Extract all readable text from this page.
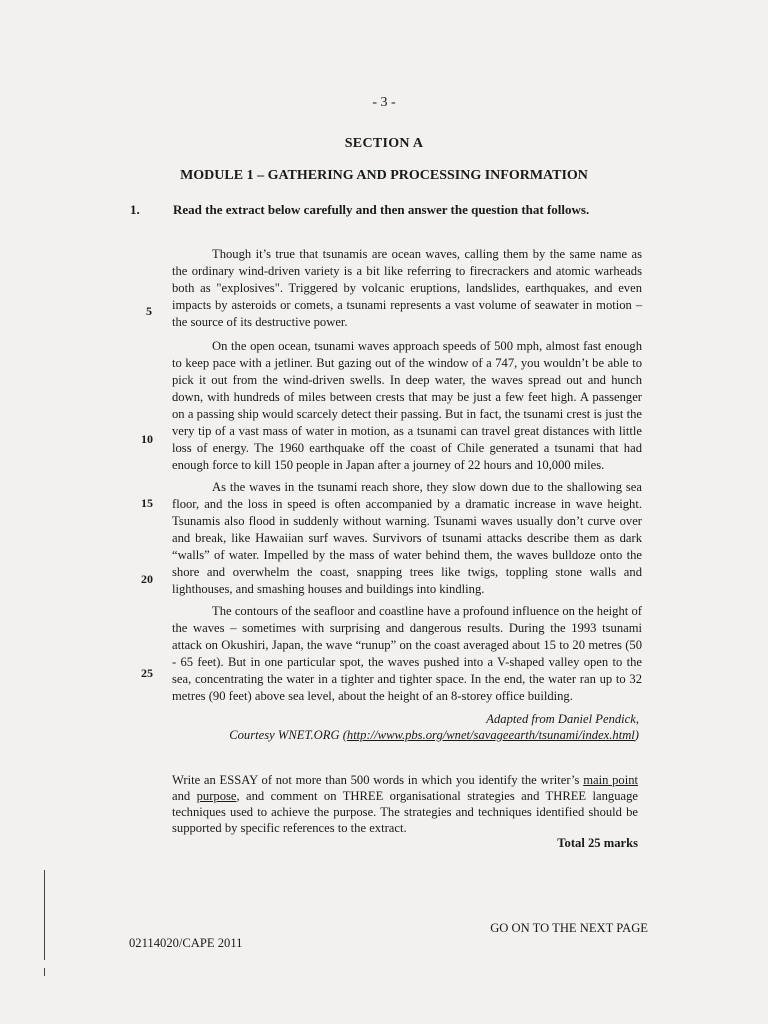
- 3 -
SECTION A
MODULE 1 – GATHERING AND PROCESSING INFORMATION
1.	Read the extract below carefully and then answer the question that follows.
Though it’s true that tsunamis are ocean waves, calling them by the same name as the ordinary wind-driven variety is a bit like referring to firecrackers and atomic warheads both as "explosives". Triggered by volcanic eruptions, landslides, earthquakes, and even impacts by asteroids or comets, a tsunami represents a vast volume of seawater in motion – the source of its destructive power.
On the open ocean, tsunami waves approach speeds of 500 mph, almost fast enough to keep pace with a jetliner. But gazing out of the window of a 747, you wouldn’t be able to pick it out from the wind-driven swells. In deep water, the waves spread out and hunch down, with hundreds of miles between crests that may be just a few feet high. A passenger on a passing ship would scarcely detect their passing. But in fact, the tsunami crest is just the very tip of a vast mass of water in motion, as a tsunami can travel great distances with little loss of energy. The 1960 earthquake off the coast of Chile generated a tsunami that had enough force to kill 150 people in Japan after a journey of 22 hours and 10,000 miles.
As the waves in the tsunami reach shore, they slow down due to the shallowing sea floor, and the loss in speed is often accompanied by a dramatic increase in wave height. Tsunamis also flood in suddenly without warning. Tsunami waves usually don’t curve over and break, like Hawaiian surf waves. Survivors of tsunami attacks describe them as dark “walls” of water. Impelled by the mass of water behind them, the waves bulldoze onto the shore and overwhelm the coast, snapping trees like twigs, toppling stone walls and lighthouses, and smashing houses and buildings into kindling.
The contours of the seafloor and coastline have a profound influence on the height of the waves – sometimes with surprising and dangerous results. During the 1993 tsunami attack on Okushiri, Japan, the wave “runup” on the coast averaged about 15 to 20 metres (50 - 65 feet). But in one particular spot, the waves pushed into a V-shaped valley open to the sea, concentrating the water in a tighter and tighter space. In the end, the water ran up to 32 metres (90 feet) above sea level, about the height of an 8-storey office building.
5
10
15
20
25
Adapted from Daniel Pendick,
Courtesy WNET.ORG (http://www.pbs.org/wnet/savageearth/tsunami/index.html)
Write an ESSAY of not more than 500 words in which you identify the writer’s main point and purpose, and comment on THREE organisational strategies and THREE language techniques used to achieve the purpose. The strategies and techniques identified should be supported by specific references to the extract.
Total 25 marks
GO ON TO THE NEXT PAGE
02114020/CAPE 2011
